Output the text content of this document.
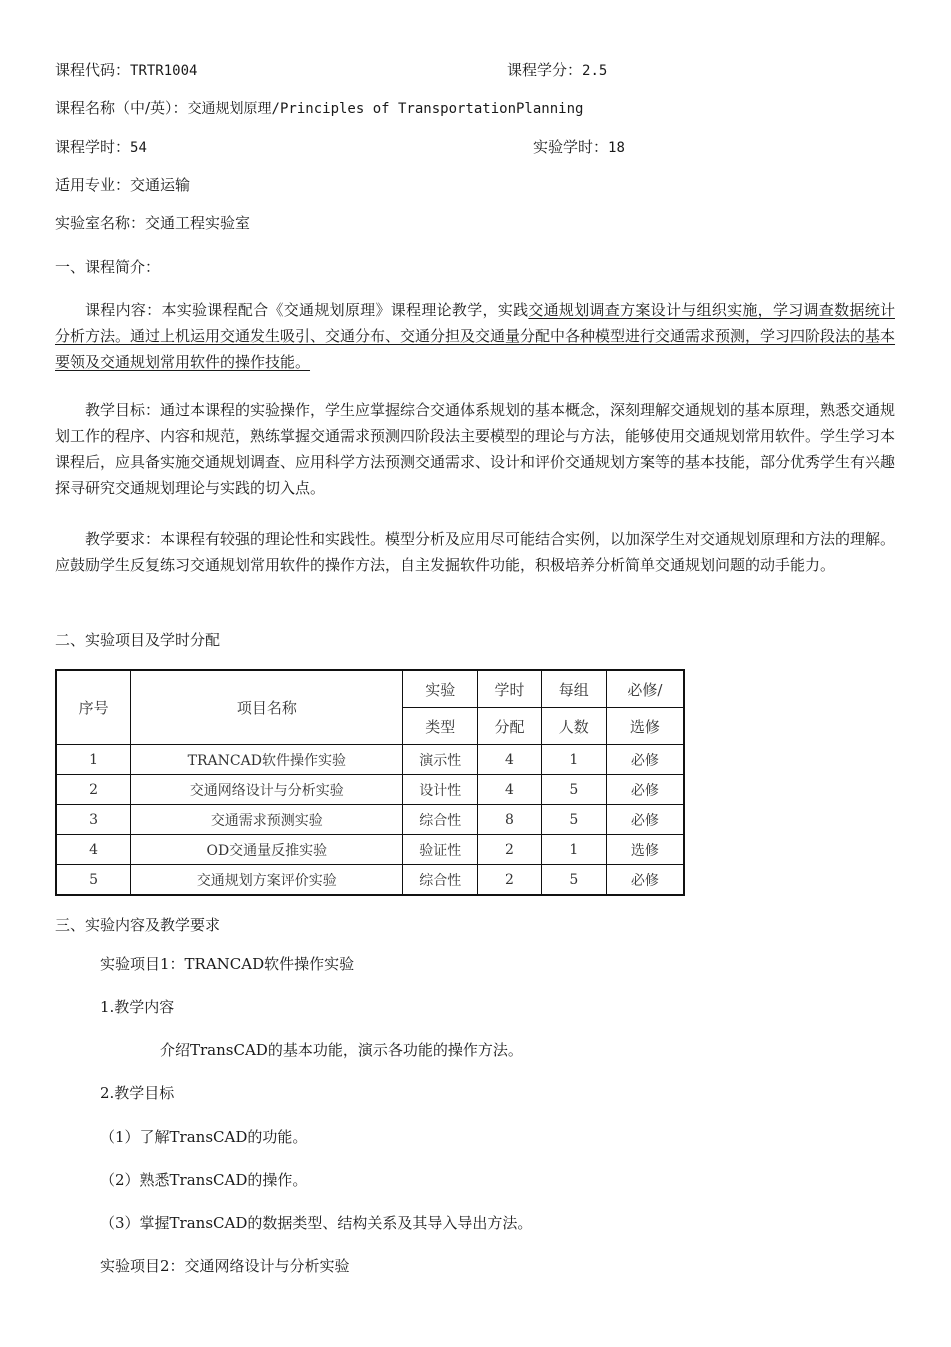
课程代码：TRTR1004	课程学分：2.5
课程名称（中/英）：交通规划原理/Principles of TransportationPlanning
课程学时：54	实验学时：18
适用专业：交通运输
实验室名称：交通工程实验室
一、课程简介：
课程内容：本实验课程配合《交通规划原理》课程理论教学，实践交通规划调查方案设计与组织实施，学习调查数据统计分析方法。通过上机运用交通发生吸引、交通分布、交通分担及交通量分配中各种模型进行交通需求预测，学习四阶段法的基本要领及交通规划常用软件的操作技能。
教学目标：通过本课程的实验操作，学生应掌握综合交通体系规划的基本概念，深刻理解交通规划的基本原理，熟悉交通规划工作的程序、内容和规范，熟练掌握交通需求预测四阶段法主要模型的理论与方法，能够使用交通规划常用软件。学生学习本课程后，应具备实施交通规划调查、应用科学方法预测交通需求、设计和评价交通规划方案等的基本技能，部分优秀学生有兴趣探寻研究交通规划理论与实践的切入点。
教学要求：本课程有较强的理论性和实践性。模型分析及应用尽可能结合实例，以加深学生对交通规划原理和方法的理解。应鼓励学生反复练习交通规划常用软件的操作方法，自主发掘软件功能，积极培养分析简单交通规划问题的动手能力。
二、实验项目及学时分配
序号	项目名称	实验	学时	每组	必修/
		类型	分配	人数	选修
1	TRANCAD软件操作实验	演示性	4	1	必修
2	交通网络设计与分析实验	设计性	4	5	必修
3	交通需求预测实验	综合性	8	5	必修
4	OD交通量反推实验	验证性	2	1	选修
5	交通规划方案评价实验	综合性	2	5	必修
三、实验内容及教学要求
实验项目1：TRANCAD软件操作实验
1.教学内容
介绍TransCAD的基本功能，演示各功能的操作方法。
2.教学目标
（1）了解TransCAD的功能。
（2）熟悉TransCAD的操作。
（3）掌握TransCAD的数据类型、结构关系及其导入导出方法。
实验项目2：交通网络设计与分析实验
